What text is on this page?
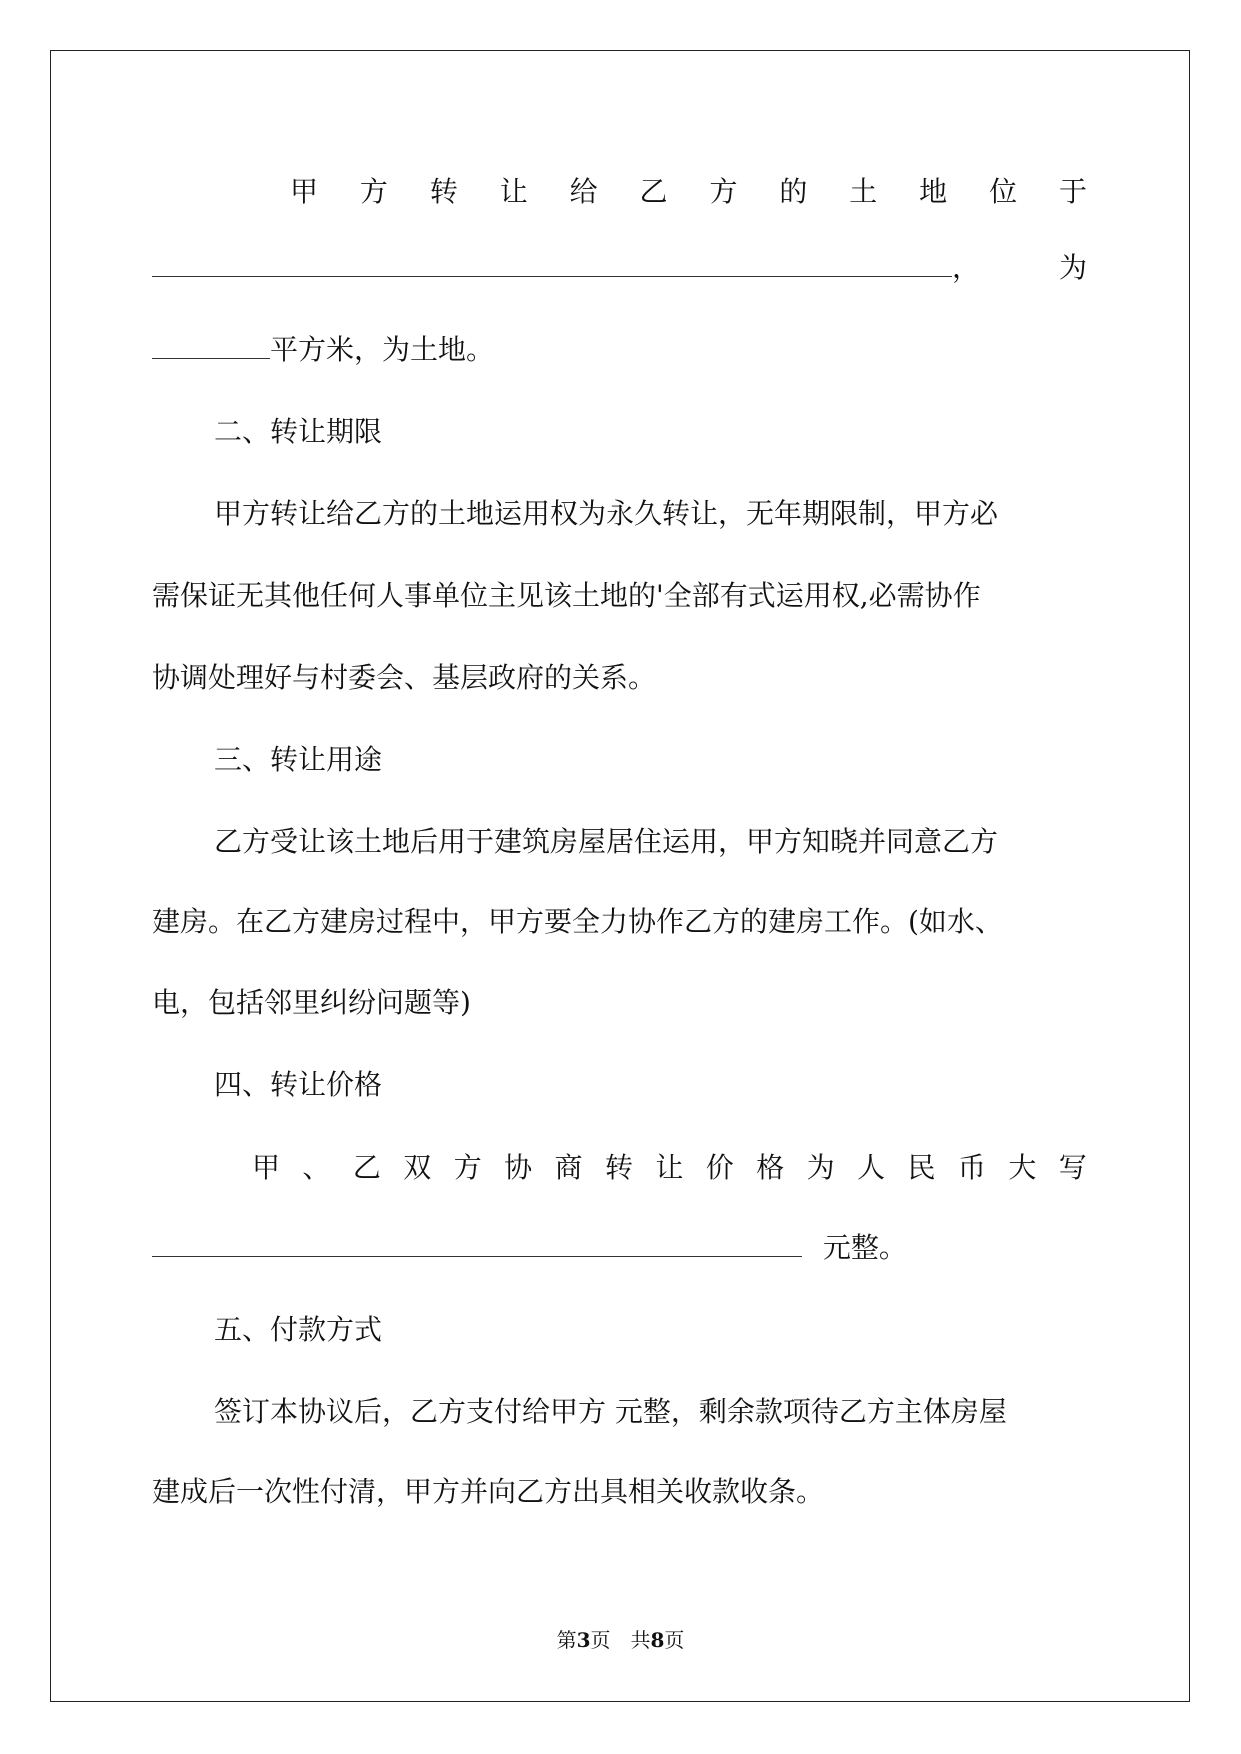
甲 方 转 让 给 乙 方 的 土 地 位 于
，	为
平方米，为土地。
二、转让期限
甲方转让给乙方的土地运用权为永久转让，无年期限制，甲方必
需保证无其他任何人事单位主见该土地的'全部有式运用权,必需协作
协调处理好与村委会、基层政府的关系。
三、转让用途
乙方受让该土地后用于建筑房屋居住运用，甲方知晓并同意乙方
建房。在乙方建房过程中，甲方要全力协作乙方的建房工作。(如水、
电，包括邻里纠纷问题等)
四、转让价格
甲 、 乙 双 方 协 商 转 让 价 格 为 人 民 币 大 写
元整。
五、付款方式
签订本协议后，乙方支付给甲方 元整，剩余款项待乙方主体房屋
建成后一次性付清，甲方并向乙方出具相关收款收条。
第3页　共8页
